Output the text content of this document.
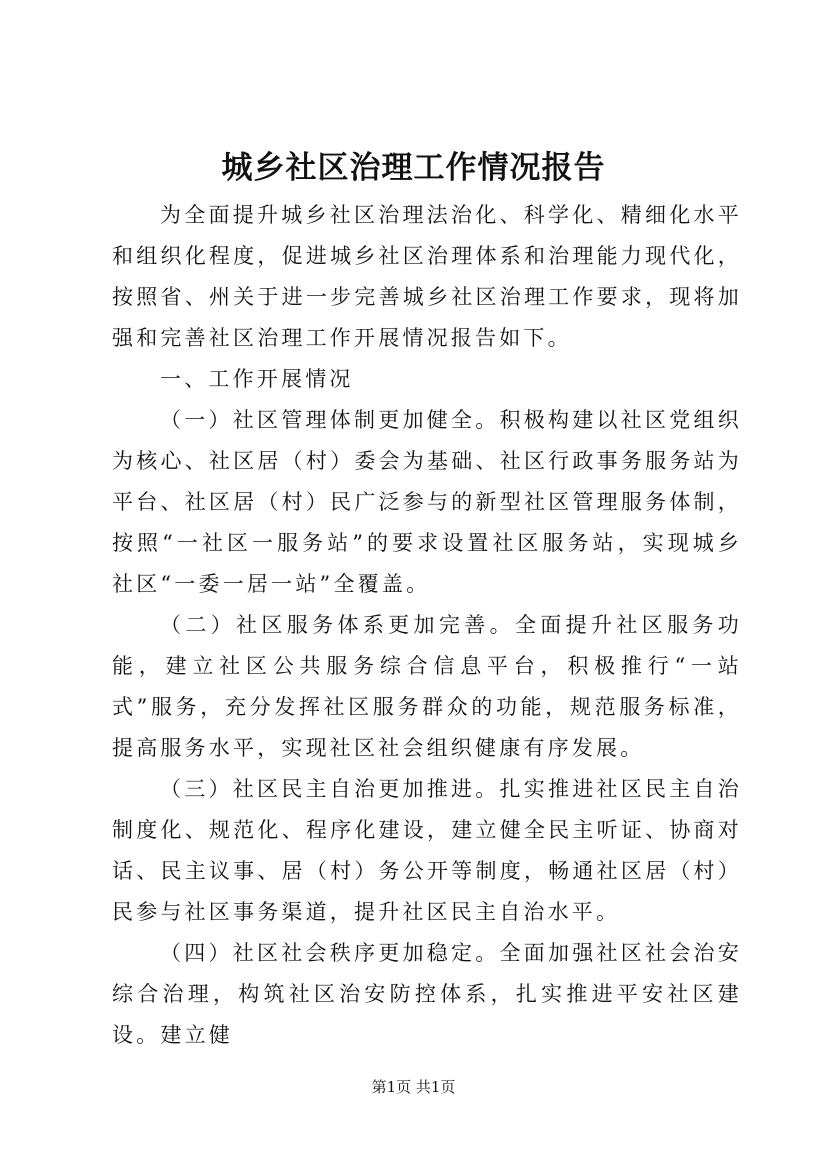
城乡社区治理工作情况报告

为全面提升城乡社区治理法治化、科学化、精细化水平和组织化程度，促进城乡社区治理体系和治理能力现代化，按照省、州关于进一步完善城乡社区治理工作要求，现将加强和完善社区治理工作开展情况报告如下。

一、工作开展情况

（一）社区管理体制更加健全。积极构建以社区党组织为核心、社区居（村）委会为基础、社区行政事务服务站为平台、社区居（村）民广泛参与的新型社区管理服务体制，按照“一社区一服务站”的要求设置社区服务站，实现城乡社区“一委一居一站”全覆盖。

（二）社区服务体系更加完善。全面提升社区服务功能，建立社区公共服务综合信息平台，积极推行“一站式”服务，充分发挥社区服务群众的功能，规范服务标准，提高服务水平，实现社区社会组织健康有序发展。

（三）社区民主自治更加推进。扎实推进社区民主自治制度化、规范化、程序化建设，建立健全民主听证、协商对话、民主议事、居（村）务公开等制度，畅通社区居（村）民参与社区事务渠道，提升社区民主自治水平。

（四）社区社会秩序更加稳定。全面加强社区社会治安综合治理，构筑社区治安防控体系，扎实推进平安社区建设。建立健

第1页 共1页
